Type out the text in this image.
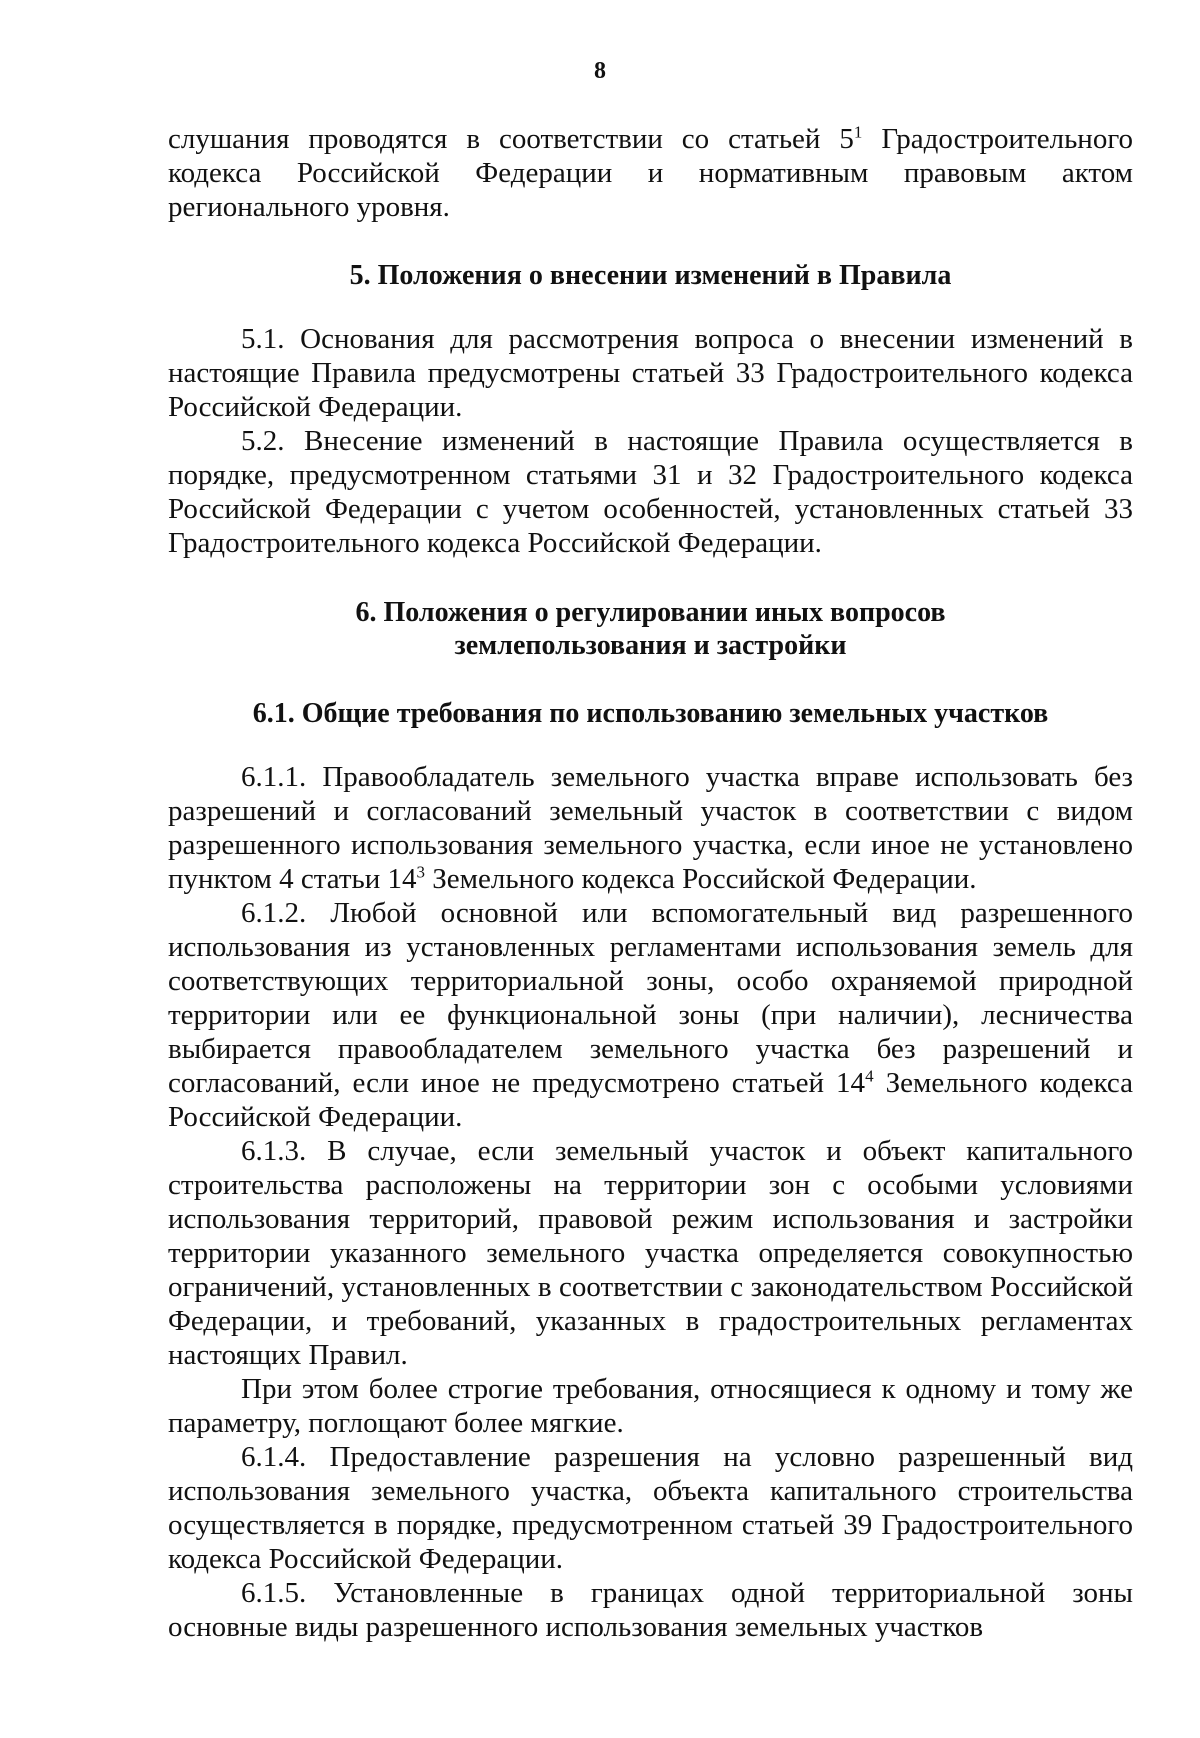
8

слушания проводятся в соответствии со статьей $5^1$ Градостроительного кодекса Российской Федерации и нормативным правовым актом регионального уровня.

5. Положения о внесении изменений в Правила

5.1. Основания для рассмотрения вопроса о внесении изменений в настоящие Правила предусмотрены статьей 33 Градостроительного кодекса Российской Федерации.

5.2. Внесение изменений в настоящие Правила осуществляется в порядке, предусмотренном статьями 31 и 32 Градостроительного кодекса Российской Федерации с учетом особенностей, установленных статьей 33 Градостроительного кодекса Российской Федерации.

6. Положения о регулировании иных вопросов
землепользования и застройки

6.1. Общие требования по использованию земельных участков

6.1.1. Правообладатель земельного участка вправе использовать без разрешений и согласований земельный участок в соответствии с видом разрешенного использования земельного участка, если иное не установлено пунктом 4 статьи $14^3$ Земельного кодекса Российской Федерации.

6.1.2. Любой основной или вспомогательный вид разрешенного использования из установленных регламентами использования земель для соответствующих территориальной зоны, особо охраняемой природной территории или ее функциональной зоны (при наличии), лесничества выбирается правообладателем земельного участка без разрешений и согласований, если иное не предусмотрено статьей $14^4$ Земельного кодекса Российской Федерации.

6.1.3. В случае, если земельный участок и объект капитального строительства расположены на территории зон с особыми условиями использования территорий, правовой режим использования и застройки территории указанного земельного участка определяется совокупностью ограничений, установленных в соответствии с законодательством Российской Федерации, и требований, указанных в градостроительных регламентах настоящих Правил.

При этом более строгие требования, относящиеся к одному и тому же параметру, поглощают более мягкие.

6.1.4. Предоставление разрешения на условно разрешенный вид использования земельного участка, объекта капитального строительства осуществляется в порядке, предусмотренном статьей 39 Градостроительного кодекса Российской Федерации.

6.1.5. Установленные в границах одной территориальной зоны основные виды разрешенного использования земельных участков
